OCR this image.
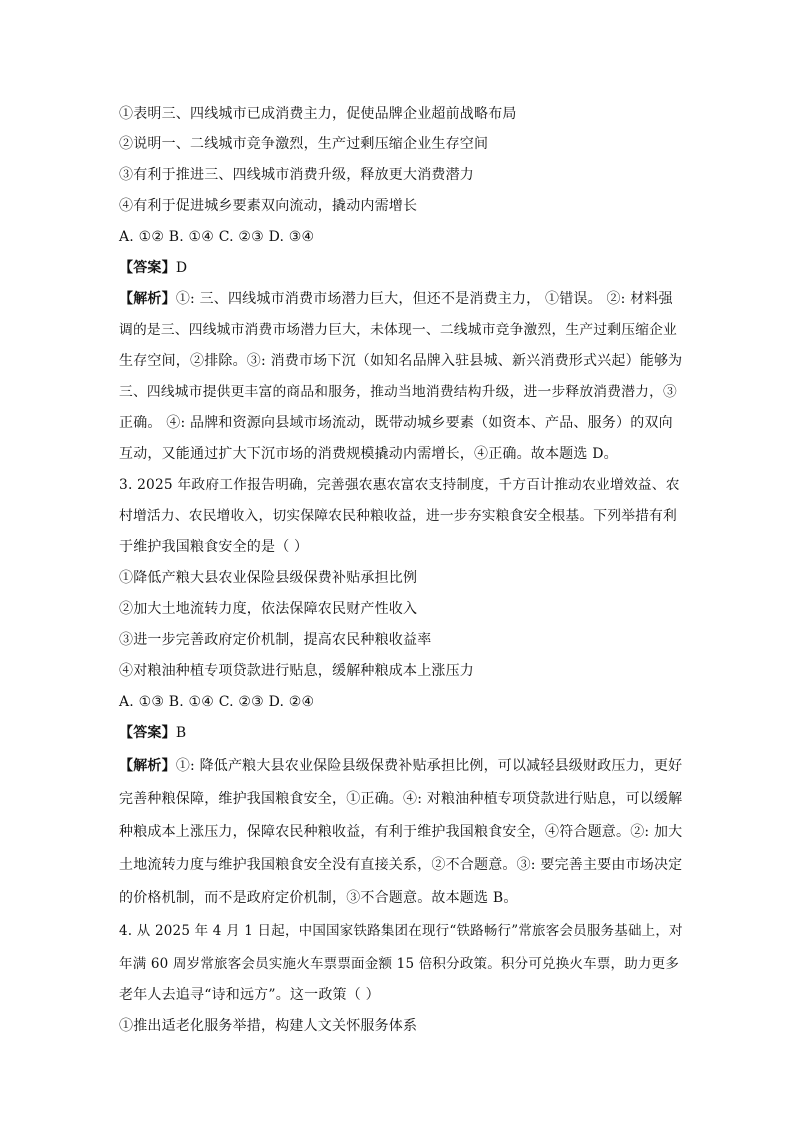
①表明三、四线城市已成消费主力，促使品牌企业超前战略布局
②说明一、二线城市竞争激烈，生产过剩压缩企业生存空间
③有利于推进三、四线城市消费升级，释放更大消费潜力
④有利于促进城乡要素双向流动，撬动内需增长
A. ①② B. ①④ C. ②③ D. ③④
【答案】D
【解析】①: 三、四线城市消费市场潜力巨大，但还不是消费主力， ①错误。 ②: 材料强
调的是三、四线城市消费市场潜力巨大，未体现一、二线城市竞争激烈，生产过剩压缩企业
生存空间，②排除。③: 消费市场下沉（如知名品牌入驻县城、新兴消费形式兴起）能够为
三、四线城市提供更丰富的商品和服务，推动当地消费结构升级，进一步释放消费潜力，③
正确。 ④: 品牌和资源向县域市场流动，既带动城乡要素（如资本、产品、服务）的双向
互动，又能通过扩大下沉市场的消费规模撬动内需增长，④正确。故本题选 D。
3. 2025 年政府工作报告明确，完善强农惠农富农支持制度，千方百计推动农业增效益、农
村增活力、农民增收入，切实保障农民种粮收益，进一步夯实粮食安全根基。下列举措有利
于维护我国粮食安全的是（ ）
①降低产粮大县农业保险县级保费补贴承担比例
②加大土地流转力度，依法保障农民财产性收入
③进一步完善政府定价机制，提高农民种粮收益率
④对粮油种植专项贷款进行贴息，缓解种粮成本上涨压力
A. ①③ B. ①④ C. ②③ D. ②④
【答案】B
【解析】①: 降低产粮大县农业保险县级保费补贴承担比例，可以减轻县级财政压力，更好
完善种粮保障，维护我国粮食安全，①正确。④: 对粮油种植专项贷款进行贴息，可以缓解
种粮成本上涨压力，保障农民种粮收益，有利于维护我国粮食安全，④符合题意。②: 加大
土地流转力度与维护我国粮食安全没有直接关系，②不合题意。③: 要完善主要由市场决定
的价格机制，而不是政府定价机制，③不合题意。故本题选 B。
4. 从 2025 年 4 月 1 日起，中国国家铁路集团在现行“铁路畅行”常旅客会员服务基础上，对
年满 60 周岁常旅客会员实施火车票票面金额 15 倍积分政策。积分可兑换火车票，助力更多
老年人去追寻“诗和远方”。这一政策（ ）
①推出适老化服务举措，构建人文关怀服务体系
